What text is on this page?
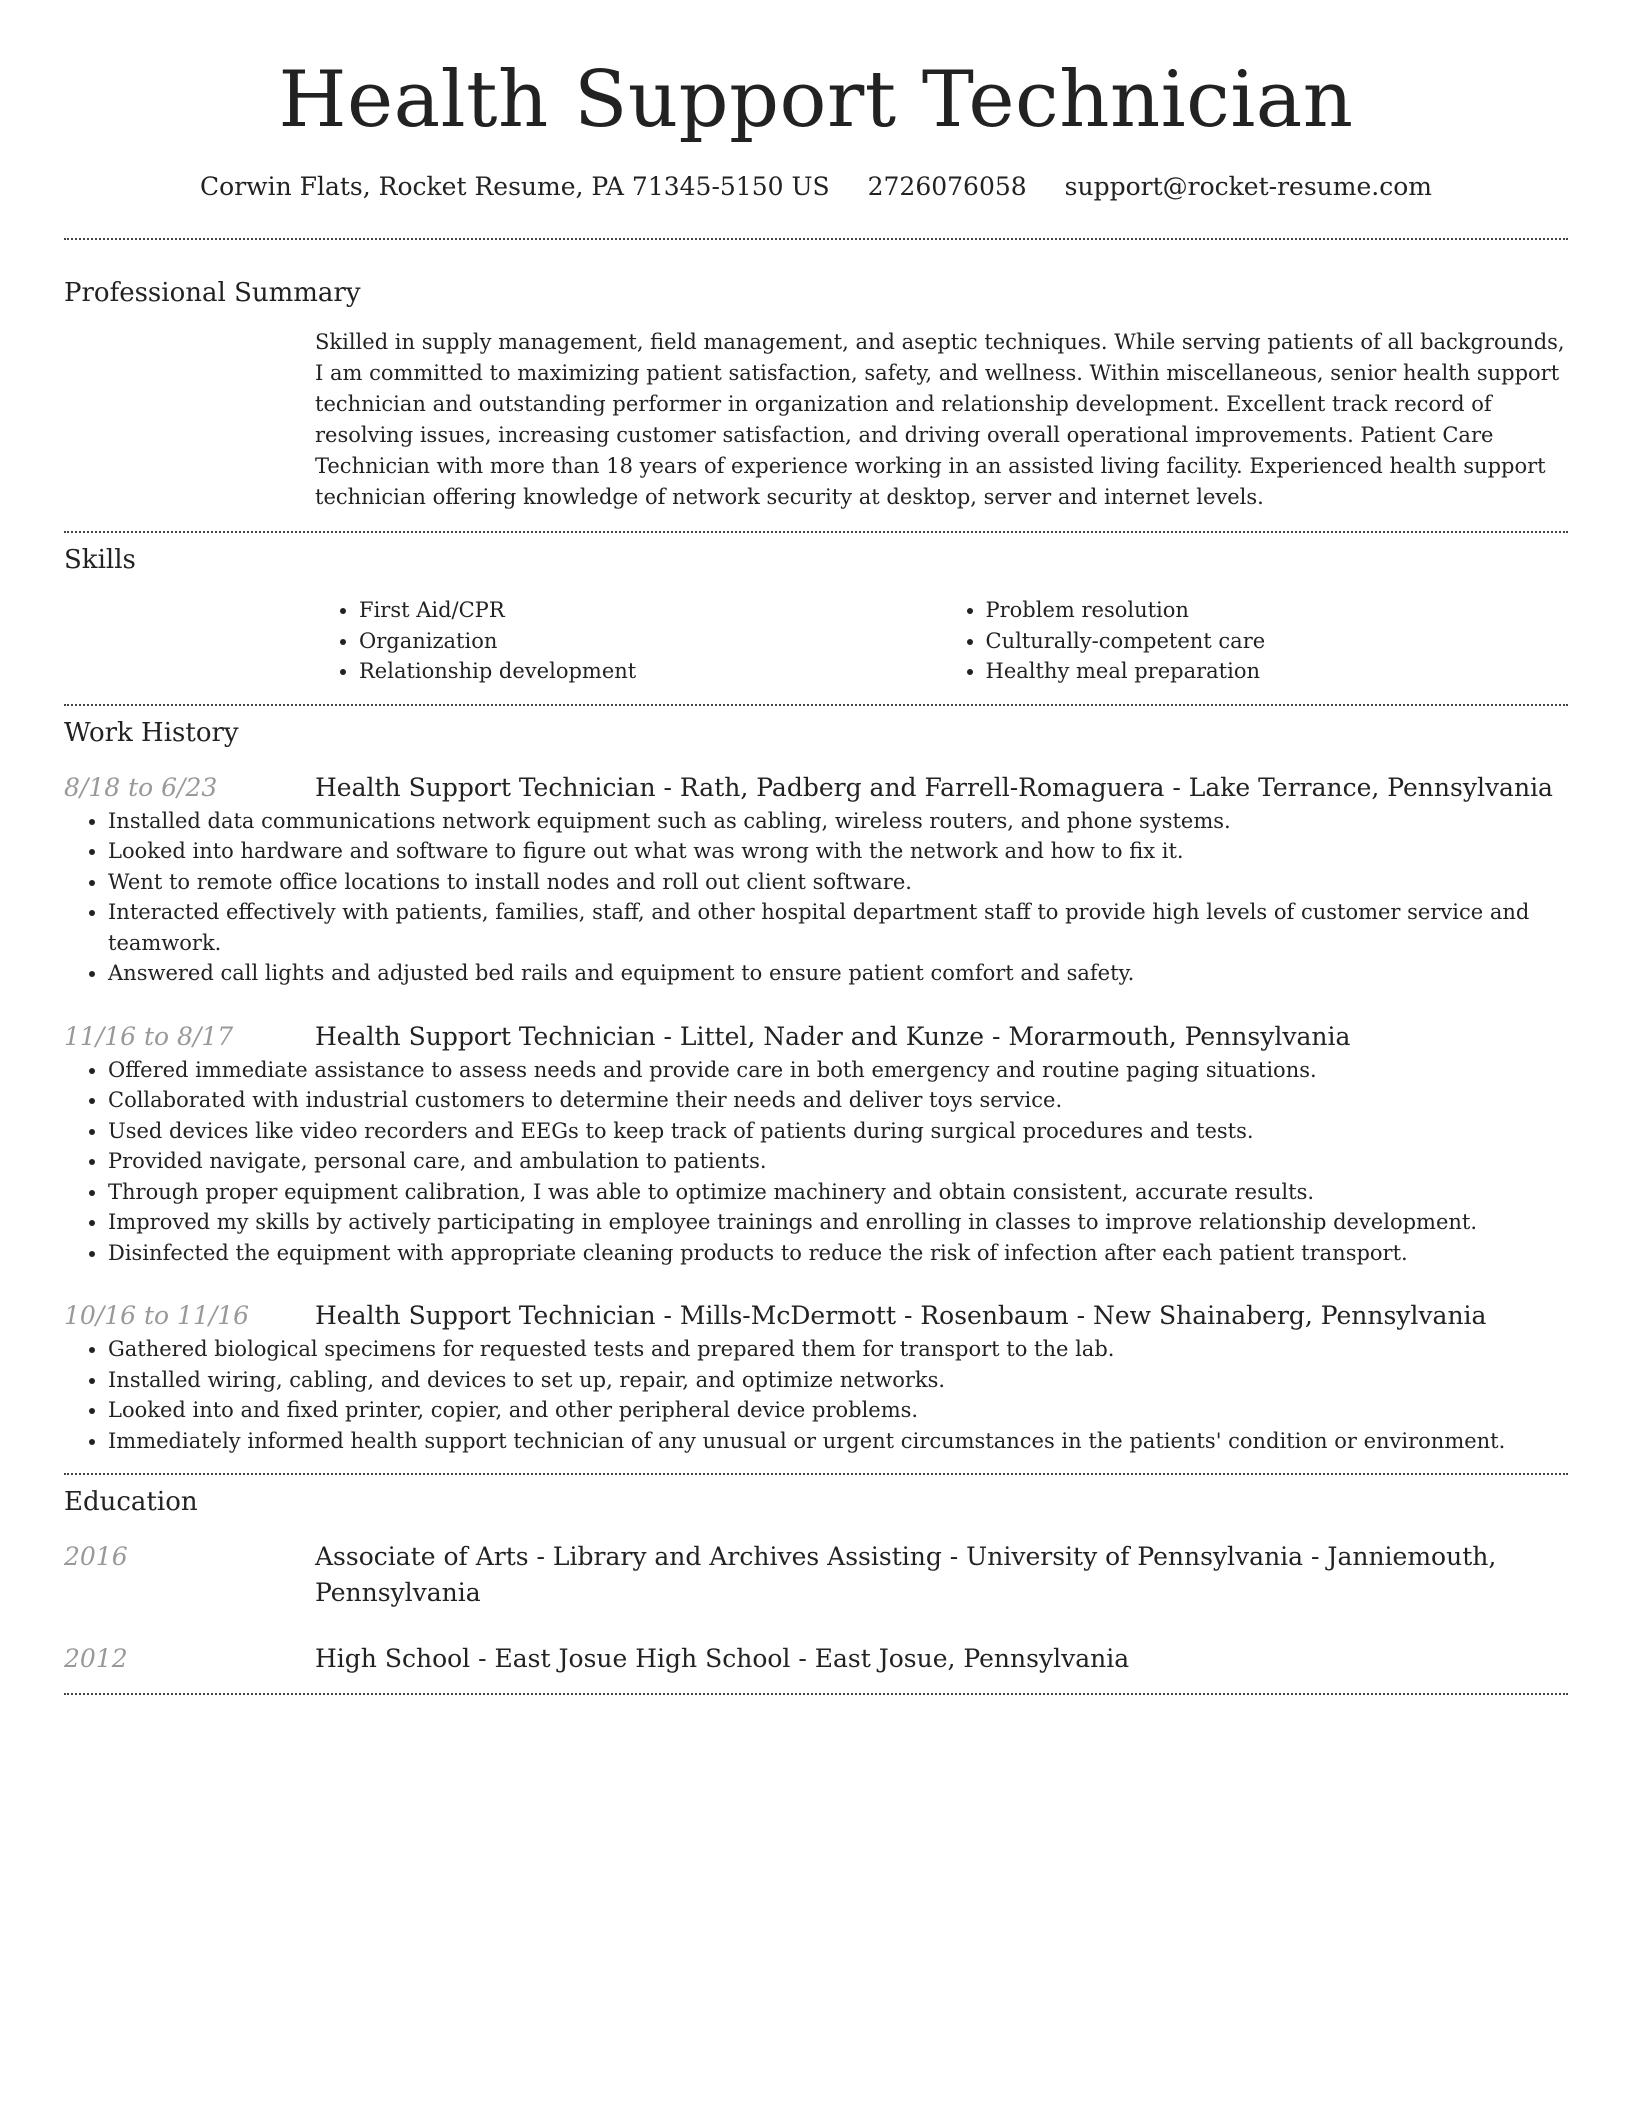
Health Support Technician
Corwin Flats, Rocket Resume, PA 71345-5150 US 2726076058 support@rocket-resume.com
Professional Summary

Skilled in supply management, field management, and aseptic techniques. While serving patients of all backgrounds, I am committed to maximizing patient satisfaction, safety, and wellness. Within miscellaneous, senior health support technician and outstanding performer in organization and relationship development. Excellent track record of resolving issues, increasing customer satisfaction, and driving overall operational improvements. Patient Care Technician with more than 18 years of experience working in an assisted living facility. Experienced health support technician offering knowledge of network security at desktop, server and internet levels.

Skills
• First Aid/CPR
• Organization
• Relationship development
• Problem resolution
• Culturally-competent care
• Healthy meal preparation
Work History
8/18 to 6/23	Health Support Technician - Rath, Padberg and Farrell-Romaguera - Lake Terrance, Pennsylvania
• Installed data communications network equipment such as cabling, wireless routers, and phone systems.
• Looked into hardware and software to figure out what was wrong with the network and how to fix it.
• Went to remote office locations to install nodes and roll out client software.
• Interacted effectively with patients, families, staff, and other hospital department staff to provide high levels of customer service and teamwork.
• Answered call lights and adjusted bed rails and equipment to ensure patient comfort and safety.
11/16 to 8/17	Health Support Technician - Littel, Nader and Kunze - Morarmouth, Pennsylvania
• Offered immediate assistance to assess needs and provide care in both emergency and routine paging situations.
• Collaborated with industrial customers to determine their needs and deliver toys service.
• Used devices like video recorders and EEGs to keep track of patients during surgical procedures and tests.
• Provided navigate, personal care, and ambulation to patients.
• Through proper equipment calibration, I was able to optimize machinery and obtain consistent, accurate results.
• Improved my skills by actively participating in employee trainings and enrolling in classes to improve relationship development.
• Disinfected the equipment with appropriate cleaning products to reduce the risk of infection after each patient transport.
10/16 to 11/16	Health Support Technician - Mills-McDermott - Rosenbaum - New Shainaberg, Pennsylvania
• Gathered biological specimens for requested tests and prepared them for transport to the lab.
• Installed wiring, cabling, and devices to set up, repair, and optimize networks.
• Looked into and fixed printer, copier, and other peripheral device problems.
• Immediately informed health support technician of any unusual or urgent circumstances in the patients' condition or environment.
Education
2016	Associate of Arts - Library and Archives Assisting - University of Pennsylvania - Janniemouth, Pennsylvania
2012	High School - East Josue High School - East Josue, Pennsylvania
